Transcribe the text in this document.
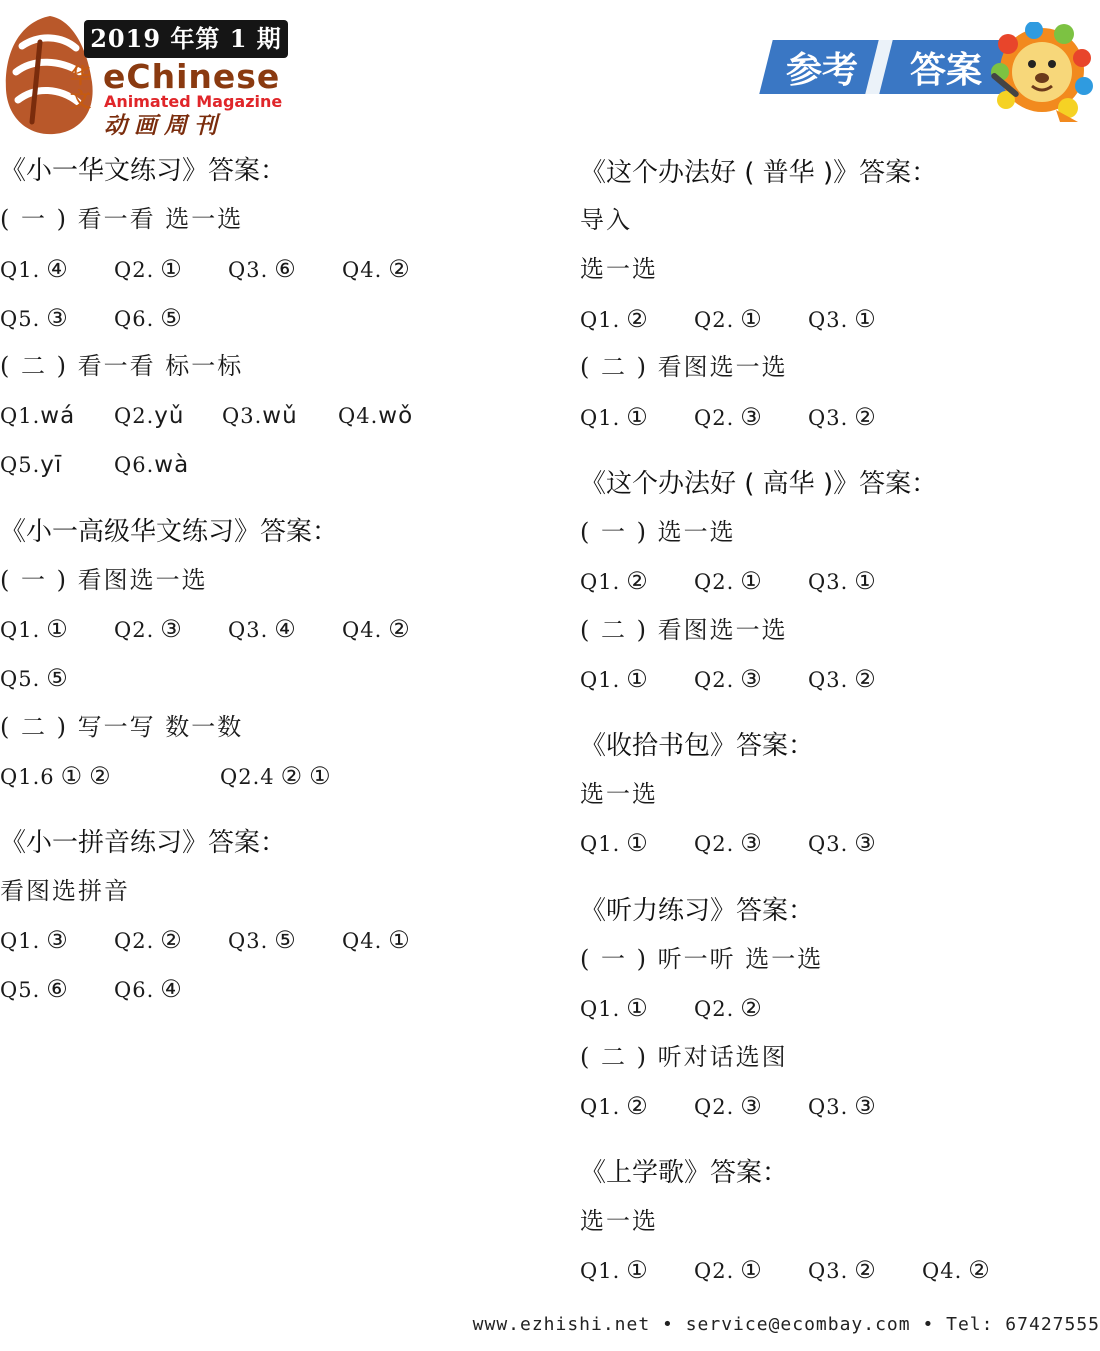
2019 年第 1 期
华
文
eChinese
Animated Magazine
动画周刊
参考	答案
《小一华文练习》答案：
( 一 ) 看一看 选一选
Q1. ④ Q2. ① Q3. ⑥ Q4. ②
Q5. ③ Q6. ⑤
( 二 ) 看一看 标一标
Q1.wá Q2.yǔ Q3.wǔ Q4.wǒ
Q5.yī Q6.wà
《小一高级华文练习》答案：
( 一 ) 看图选一选
Q1. ① Q2. ③ Q3. ④ Q4. ②
Q5. ⑤
( 二 ) 写一写 数一数
Q1.6 ① ②	Q2.4 ② ①
《小一拼音练习》答案：
看图选拼音
Q1. ③ Q2. ② Q3. ⑤ Q4. ①
Q5. ⑥ Q6. ④
《这个办法好 ( 普华 )》答案：
导入
选一选
Q1. ② Q2. ① Q3. ①
( 二 ) 看图选一选
Q1. ① Q2. ③ Q3. ②
《这个办法好 ( 高华 )》答案：
( 一 ) 选一选
Q1. ② Q2. ① Q3. ①
( 二 ) 看图选一选
Q1. ① Q2. ③ Q3. ②
《收拾书包》答案：
选一选
Q1. ① Q2. ③ Q3. ③
《听力练习》答案：
( 一 ) 听一听 选一选
Q1. ① Q2. ②
( 二 ) 听对话选图
Q1. ② Q2. ③ Q3. ③
《上学歌》答案：
选一选
Q1. ① Q2. ① Q3. ② Q4. ②
www.ezhishi.net • service@ecombay.com • Tel: 67427555
